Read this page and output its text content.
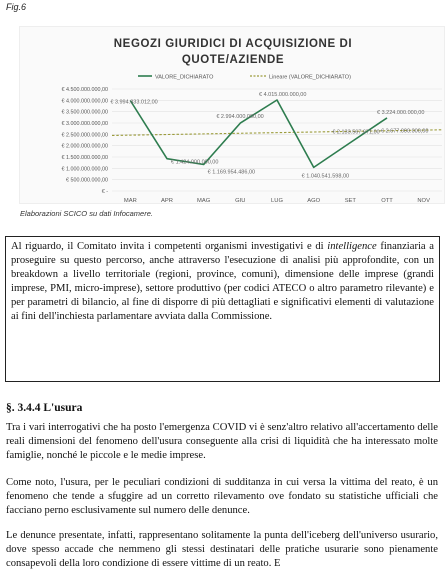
Fig.6
NEGOZI GIURIDICI DI ACQUISIZIONE DI
QUOTE/AZIENDE
VALORE_DICHIARATO	Lineare (VALORE_DICHIARATO)
€ 4.500.000.000,00
€ 4.000.000.000,00
€ 3.500.000.000,00
€ 3.000.000.000,00
€ 2.500.000.000,00
€ 2.000.000.000,00
€ 1.500.000.000,00
€ 1.000.000.000,00
€ 500.000.000,00
€ -
MAR	APR	MAG	GIU	LUG	AGO	SET	OTT	NOV
€ 3.994.833.012,00
€ 1.424.000.000,00
€ 1.169.954.486,00
€ 2.994.000.000,00
€ 4.015.000.000,00
€ 1.040.541.598,00
€ 2.133.567.671,00
€ 3.224.000.000,00
€ 2.677.000.000,00
Elaborazioni SCICO su dati Infocamere.
Al riguardo, il Comitato invita i competenti organismi investigativi e di intelligence finanziaria a proseguire su questo percorso, anche attraverso l'esecuzione di analisi più approfondite, con un breakdown a livello territoriale (regioni, province, comuni), dimensione delle imprese (grandi imprese, PMI, micro-imprese), settore produttivo (per codici ATECO o altro parametro rilevante) e per parametri di bilancio, al fine di disporre di più dettagliati e significativi elementi di valutazione ai fini dell'inchiesta parlamentare avviata dalla Commissione.
§. 3.4.4 L'usura
Tra i vari interrogativi che ha posto l'emergenza COVID vi è senz'altro relativo all'accertamento delle reali dimensioni del fenomeno dell'usura conseguente alla crisi di liquidità che ha interessato molte famiglie, nonché le piccole e le medie imprese.
Come noto, l'usura, per le peculiari condizioni di sudditanza in cui versa la vittima del reato, è un fenomeno che tende a sfuggire ad un corretto rilevamento ove fondato su statistiche ufficiali che facciano perno esclusivamente sul numero delle denunce.
Le denunce presentate, infatti, rappresentano solitamente la punta dell'iceberg dell'universo usurario, dove spesso accade che nemmeno gli stessi destinatari delle pratiche usurarie sono pienamente consapevoli della loro condizione di essere vittime di un reato. E
